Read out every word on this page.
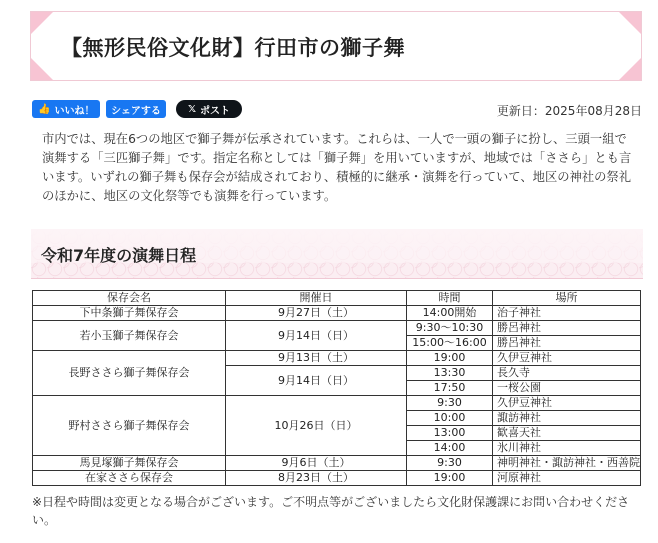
【無形民俗文化財】行田市の獅子舞
👍 いいね！ シェアする	𝕏 ポスト	更新日：2025年08月28日

市内では、現在6つの地区で獅子舞が伝承されています。これらは、一人で一頭の獅子に扮し、三頭一組で演舞する「三匹獅子舞」です。指定名称としては「獅子舞」を用いていますが、地域では「ささら」とも言います。いずれの獅子舞も保存会が結成されており、積極的に継承・演舞を行っていて、地区の神社の祭礼のほかに、地区の文化祭等でも演舞を行っています。

令和7年度の演舞日程
保存会名	開催日	時間	場所
下中条獅子舞保存会	9月27日（土）	14:00開始	治子神社
若小玉獅子舞保存会	9月14日（日）	9:30～10:30	勝呂神社
		15:00～16:00	勝呂神社
長野ささら獅子舞保存会	9月13日（土）	19:00	久伊豆神社
	9月14日（日）	13:30	長久寺
		17:50	一桜公園
野村ささら獅子舞保存会	10月26日（日）	9:30	久伊豆神社
		10:00	諏訪神社
		13:00	歓喜天社
		14:00	氷川神社
馬見塚獅子舞保存会	9月6日（土）	9:30	神明神社・諏訪神社・西善院
在家ささら保存会	8月23日（土）	19:00	河原神社

※日程や時間は変更となる場合がございます。ご不明点等がございましたら文化財保護課にお問い合わせください。
